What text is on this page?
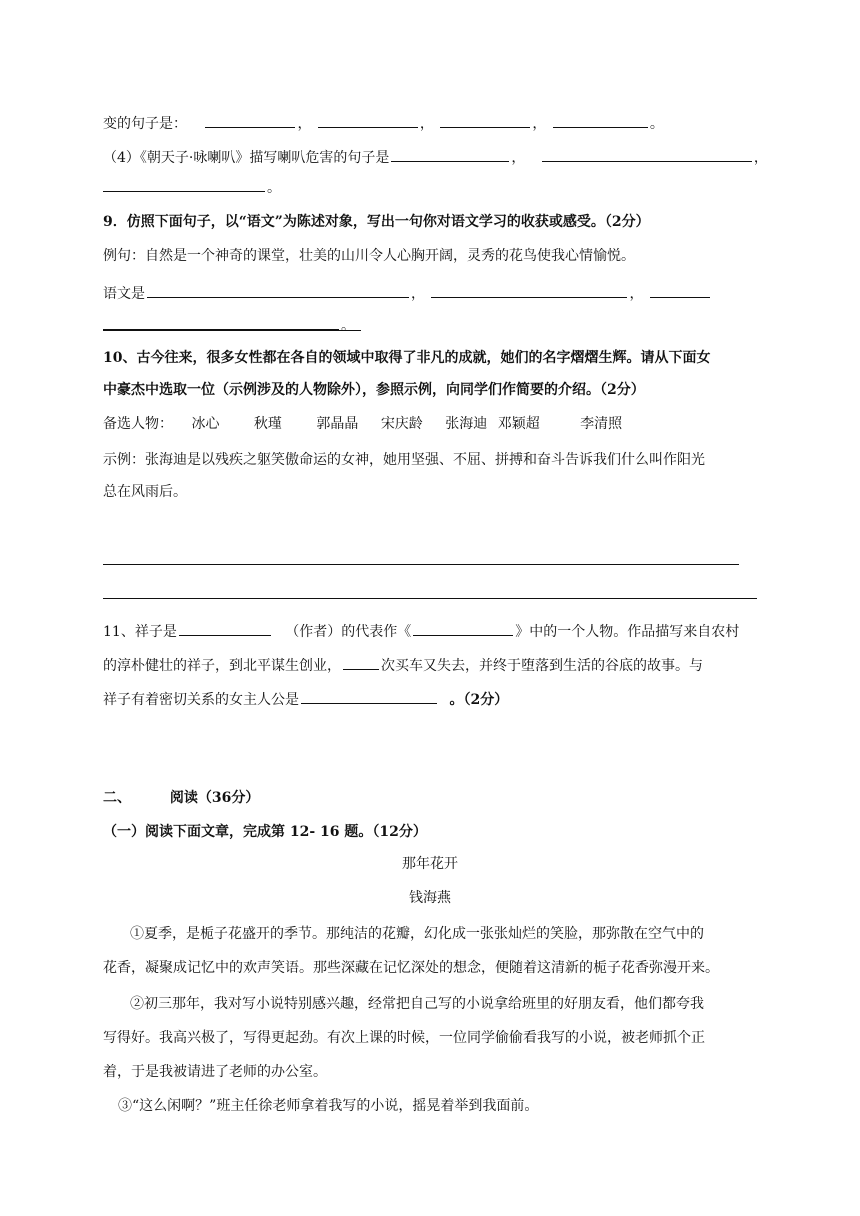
变的句子是：	，	，	，	。
（4）《朝天子·咏喇叭》描写喇叭危害的句子是	，	，
。
9．仿照下面句子，以“语文”为陈述对象，写出一句你对语文学习的收获或感受。（2分）
例句：自然是一个神奇的课堂，壮美的山川令人心胸开阔，灵秀的花鸟使我心情愉悦。
语文是	，	，
。
10、古今往来，很多女性都在各自的领域中取得了非凡的成就，她们的名字熠熠生辉。请从下面女
中豪杰中选取一位（示例涉及的人物除外），参照示例，向同学们作简要的介绍。（2分）
备选人物： 冰心 秋瑾 郭晶晶 宋庆龄 张海迪 邓颖超	李清照
示例：张海迪是以残疾之躯笑傲命运的女神，她用坚强、不屈、拼搏和奋斗告诉我们什么叫作阳光
总在风雨后。
11、祥子是	（作者）的代表作《	》中的一个人物。作品描写来自农村
的淳朴健壮的祥子，到北平谋生创业，	次买车又失去，并终于堕落到生活的谷底的故事。与
祥子有着密切关系的女主人公是	。（2分）
二、	阅读（36分）
（一）阅读下面文章，完成第 12- 16 题。（12分）
那年花开
钱海燕
①夏季，是栀子花盛开的季节。那纯洁的花瓣，幻化成一张张灿烂的笑脸，那弥散在空气中的
花香，凝聚成记忆中的欢声笑语。那些深藏在记忆深处的想念，便随着这清新的栀子花香弥漫开来。
②初三那年，我对写小说特别感兴趣，经常把自己写的小说拿给班里的好朋友看，他们都夸我
写得好。我高兴极了，写得更起劲。有次上课的时候，一位同学偷偷看我写的小说，被老师抓个正
着，于是我被请进了老师的办公室。
③“这么闲啊？”班主任徐老师拿着我写的小说，摇晃着举到我面前。
